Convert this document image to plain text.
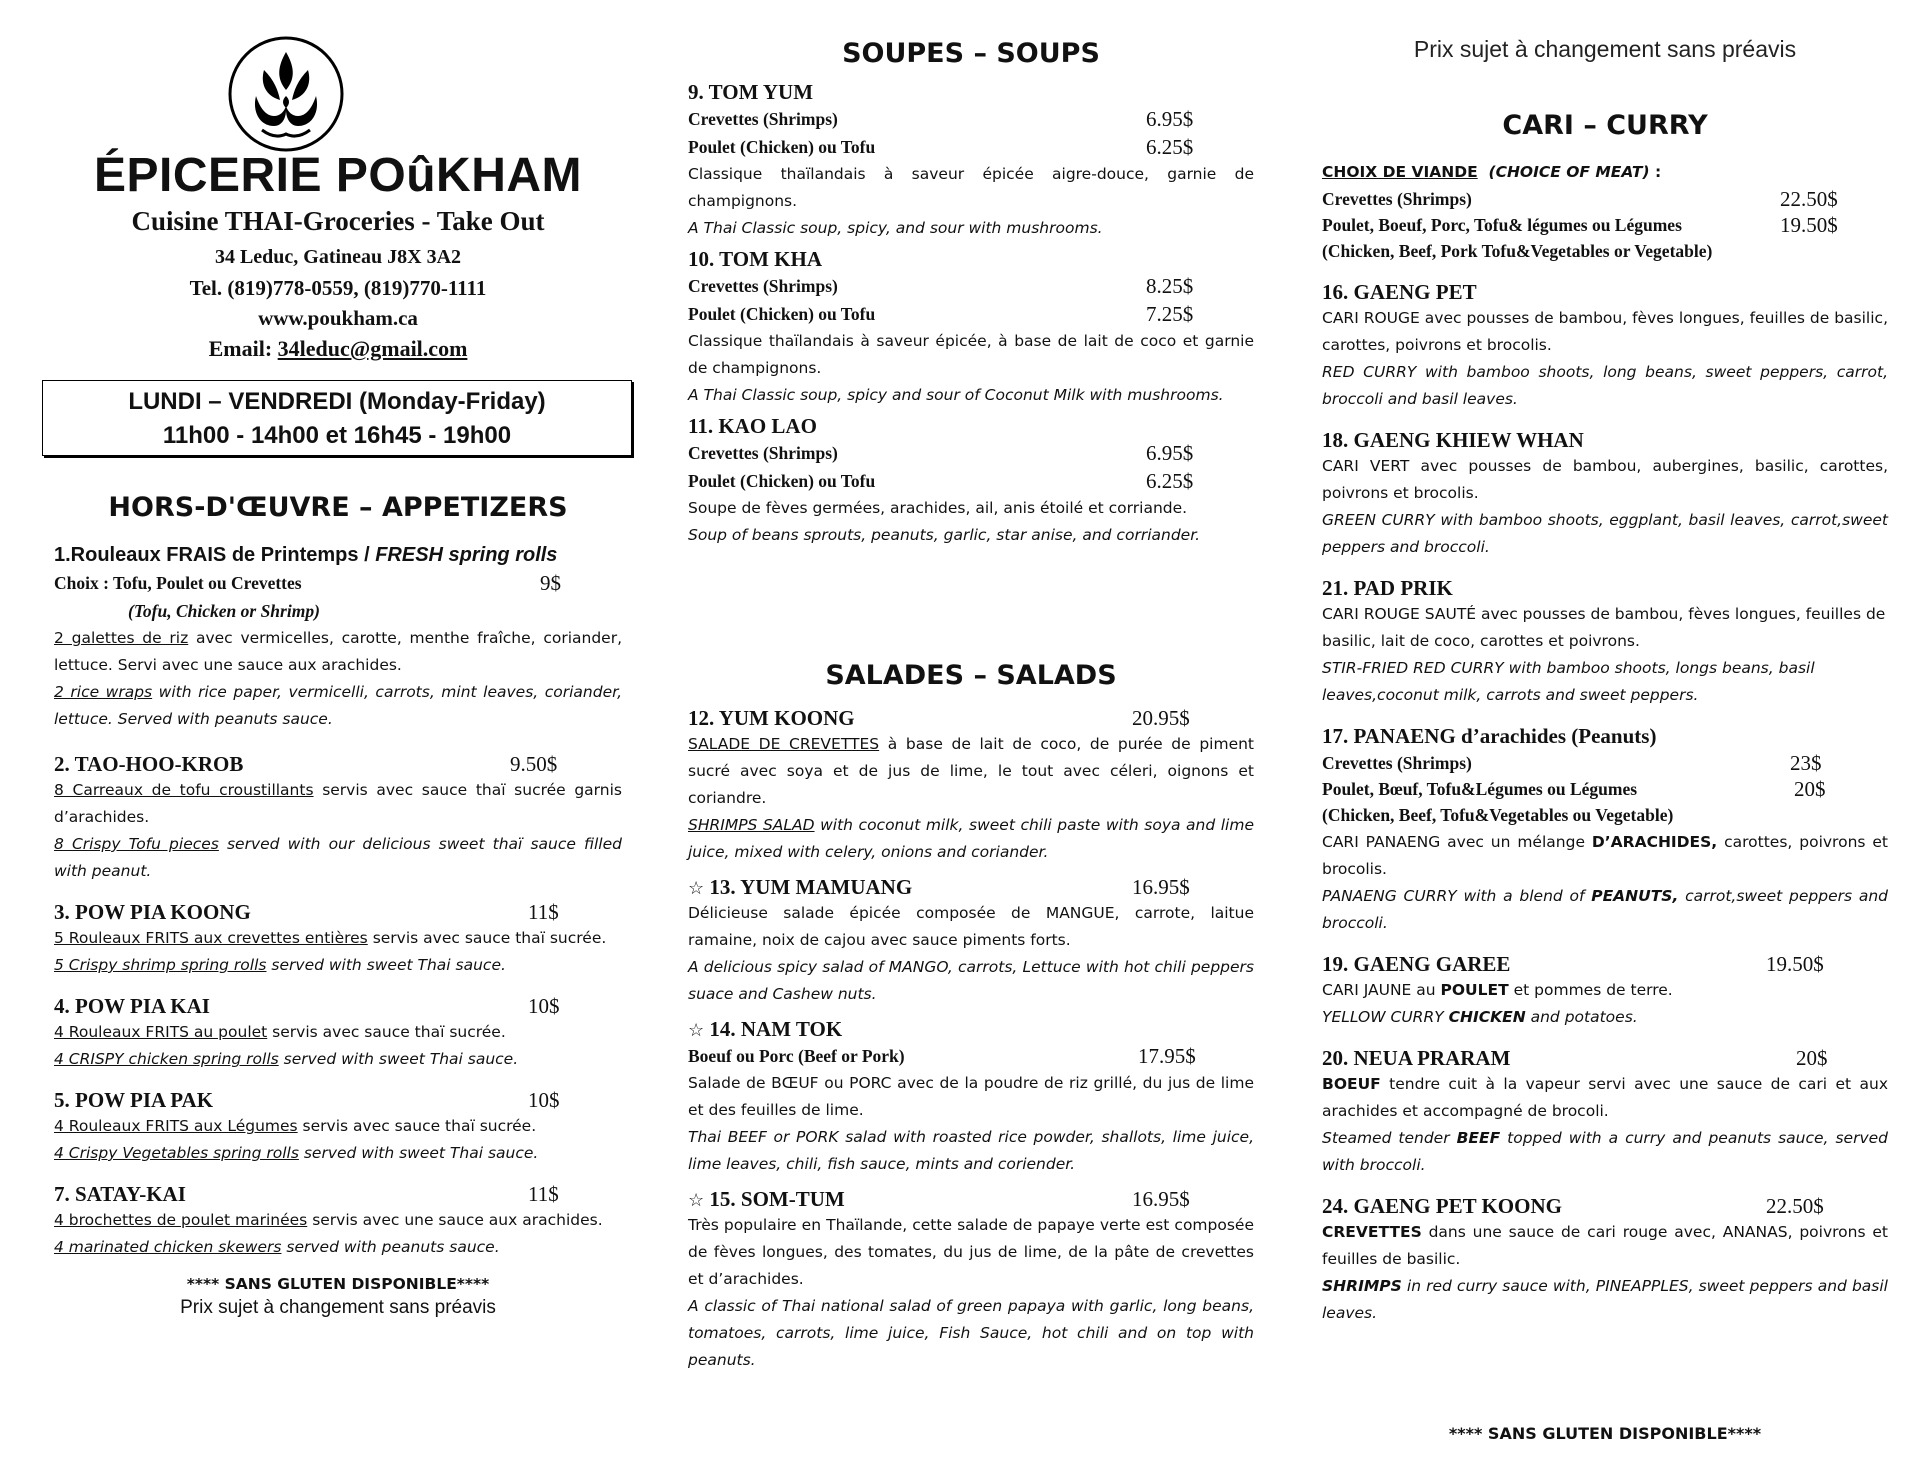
ÉPICERIE POûKHAM
Cuisine THAI-Groceries - Take Out
34 Leduc, Gatineau J8X 3A2
Tel. (819)778-0559, (819)770-1111
www.poukham.ca
Email: 34leduc@gmail.com
LUNDI – VENDREDI (Monday-Friday)
11h00 - 14h00 et 16h45 - 19h00
HORS-D'ŒUVRE – APPETIZERS
1.Rouleaux FRAIS de Printemps / FRESH spring rolls
Choix : Tofu, Poulet ou Crevettes	9$
(Tofu, Chicken or Shrimp)
2 galettes de riz avec vermicelles, carotte, menthe fraîche, coriander, lettuce. Servi avec une sauce aux arachides.
2 rice wraps with rice paper, vermicelli, carrots, mint leaves, coriander, lettuce. Served with peanuts sauce.
2. TAO-HOO-KROB	9.50$
8 Carreaux de tofu croustillants servis avec sauce thaï sucrée garnis d’arachides.
8 Crispy Tofu pieces served with our delicious sweet thaï sauce filled with peanut.
3. POW PIA KOONG	11$
5 Rouleaux FRITS aux crevettes entières servis avec sauce thaï sucrée.
5 Crispy shrimp spring rolls served with sweet Thai sauce.
4. POW PIA KAI	10$
4 Rouleaux FRITS au poulet servis avec sauce thaï sucrée.
4 CRISPY chicken spring rolls served with sweet Thai sauce.
5. POW PIA PAK	10$
4 Rouleaux FRITS aux Légumes servis avec sauce thaï sucrée.
4 Crispy Vegetables spring rolls served with sweet Thai sauce.
7. SATAY-KAI	11$
4 brochettes de poulet marinées servis avec une sauce aux arachides.
4 marinated chicken skewers served with peanuts sauce.
**** SANS GLUTEN DISPONIBLE****
Prix sujet à changement sans préavis
SOUPES – SOUPS
9. TOM YUM
Crevettes (Shrimps)	6.95$
Poulet (Chicken) ou Tofu	6.25$
Classique thaïlandais à saveur épicée aigre-douce, garnie de champignons.
A Thai Classic soup, spicy, and sour with mushrooms.
10. TOM KHA
Crevettes (Shrimps)	8.25$
Poulet (Chicken) ou Tofu	7.25$
Classique thaïlandais à saveur épicée, à base de lait de coco et garnie de champignons.
A Thai Classic soup, spicy and sour of Coconut Milk with mushrooms.
11. KAO LAO
Crevettes (Shrimps)	6.95$
Poulet (Chicken) ou Tofu	6.25$
Soupe de fèves germées, arachides, ail, anis étoilé et corriande.
Soup of beans sprouts, peanuts, garlic, star anise, and corriander.
SALADES – SALADS
12. YUM KOONG	20.95$
SALADE DE CREVETTES à base de lait de coco, de purée de piment sucré avec soya et de jus de lime, le tout avec céleri, oignons et coriandre.
SHRIMPS SALAD with coconut milk, sweet chili paste with soya and lime juice, mixed with celery, onions and coriander.
☆ 13. YUM MAMUANG	16.95$
Délicieuse salade épicée composée de MANGUE, carrote, laitue ramaine, noix de cajou avec sauce piments forts.
A delicious spicy salad of MANGO, carrots, Lettuce with hot chili peppers suace and Cashew nuts.
☆ 14. NAM TOK
Boeuf ou Porc (Beef or Pork)	17.95$
Salade de BŒUF ou PORC avec de la poudre de riz grillé, du jus de lime et des feuilles de lime.
Thai BEEF or PORK salad with roasted rice powder, shallots, lime juice, lime leaves, chili, fish sauce, mints and coriender.
☆ 15. SOM-TUM	16.95$
Très populaire en Thaïlande, cette salade de papaye verte est composée de fèves longues, des tomates, du jus de lime, de la pâte de crevettes et d’arachides.
A classic of Thai national salad of green papaya with garlic, long beans, tomatoes, carrots, lime juice, Fish Sauce, hot chili and on top with peanuts.
Prix sujet à changement sans préavis
CARI – CURRY
CHOIX DE VIANDE (CHOICE OF MEAT) :
Crevettes (Shrimps)	22.50$
Poulet, Boeuf, Porc, Tofu& légumes ou Légumes	19.50$
(Chicken, Beef, Pork Tofu&Vegetables or Vegetable)
16. GAENG PET
CARI ROUGE avec pousses de bambou, fèves longues, feuilles de basilic, carottes, poivrons et brocolis.
RED CURRY with bamboo shoots, long beans, sweet peppers, carrot, broccoli and basil leaves.
18. GAENG KHIEW WHAN
CARI VERT avec pousses de bambou, aubergines, basilic, carottes, poivrons et brocolis.
GREEN CURRY with bamboo shoots, eggplant, basil leaves, carrot,sweet peppers and broccoli.
21. PAD PRIK
CARI ROUGE SAUTÉ avec pousses de bambou, fèves longues, feuilles de basilic, lait de coco, carottes et poivrons.
STIR-FRIED RED CURRY with bamboo shoots, longs beans, basil leaves,coconut milk, carrots and sweet peppers.
17. PANAENG d’arachides (Peanuts)
Crevettes (Shrimps)	23$
Poulet, Bœuf, Tofu&Légumes ou Légumes	20$
(Chicken, Beef, Tofu&Vegetables ou Vegetable)
CARI PANAENG avec un mélange D’ARACHIDES, carottes, poivrons et brocolis.
PANAENG CURRY with a blend of PEANUTS, carrot,sweet peppers and broccoli.
19. GAENG GAREE	19.50$
CARI JAUNE au POULET et pommes de terre.
YELLOW CURRY CHICKEN and potatoes.
20. NEUA PRARAM	20$
BOEUF tendre cuit à la vapeur servi avec une sauce de cari et aux arachides et accompagné de brocoli.
Steamed tender BEEF topped with a curry and peanuts sauce, served with broccoli.
24. GAENG PET KOONG	22.50$
CREVETTES dans une sauce de cari rouge avec, ANANAS, poivrons et feuilles de basilic.
SHRIMPS in red curry sauce with, PINEAPPLES, sweet peppers and basil leaves.
**** SANS GLUTEN DISPONIBLE****
